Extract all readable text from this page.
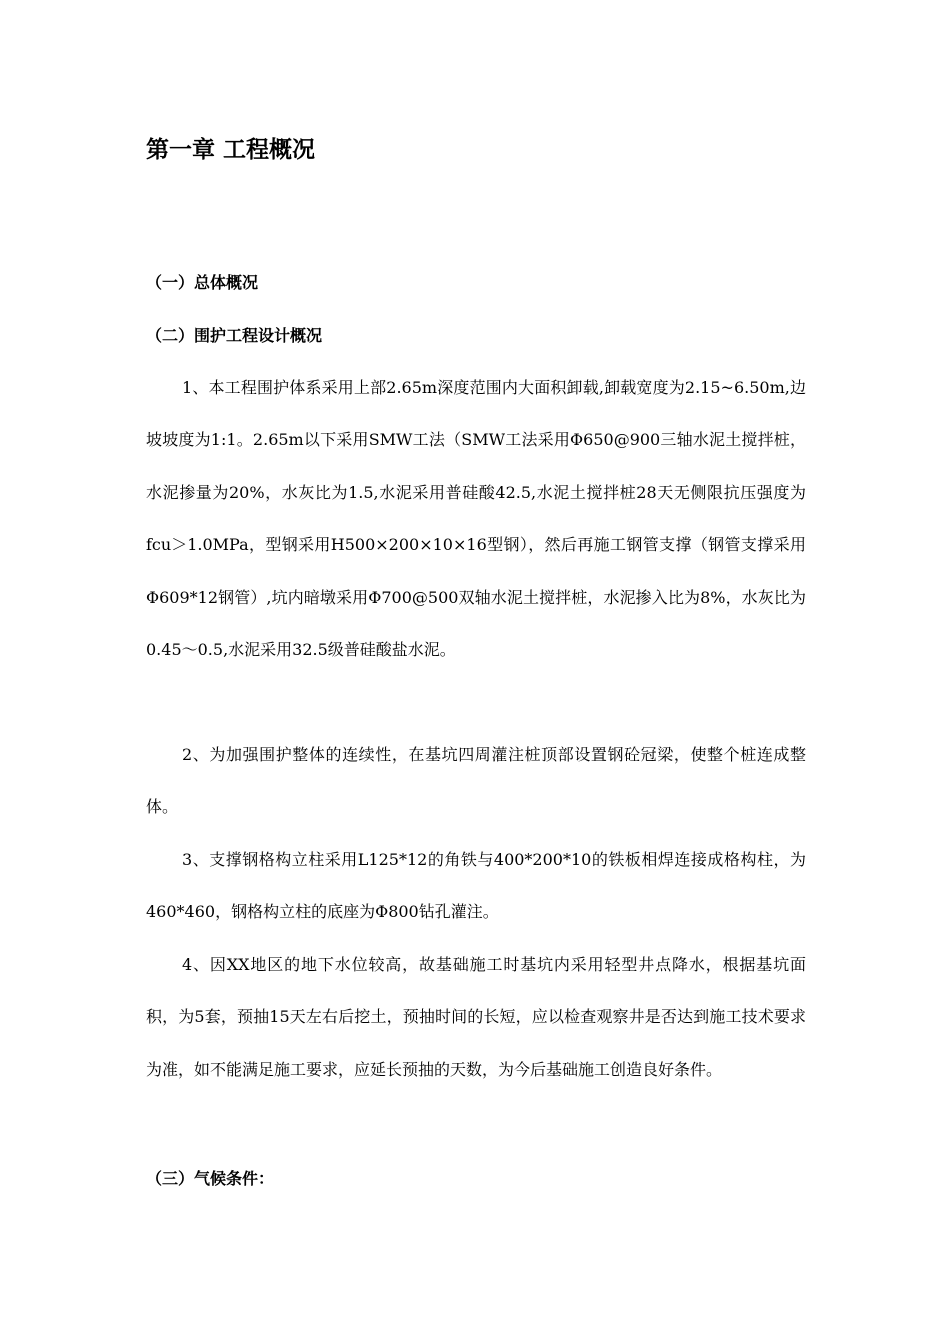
第一章 工程概况
（一）总体概况
（二）围护工程设计概况

1、本工程围护体系采用上部2.65m深度范围内大面积卸载,卸载宽度为2.15~6.50m,边坡坡度为1:1。2.65m以下采用SMW工法（SMW工法采用Φ650@900三轴水泥土搅拌桩，水泥掺量为20%，水灰比为1.5,水泥采用普硅酸42.5,水泥土搅拌桩28天无侧限抗压强度为fcu＞1.0MPa，型钢采用H500×200×10×16型钢），然后再施工钢管支撑（钢管支撑采用Φ609*12钢管）,坑内暗墩采用Φ700@500双轴水泥土搅拌桩，水泥掺入比为8%，水灰比为0.45～0.5,水泥采用32.5级普硅酸盐水泥。

2、为加强围护整体的连续性，在基坑四周灌注桩顶部设置钢砼冠梁，使整个桩连成整体。

3、支撑钢格构立柱采用L125*12的角铁与400*200*10的铁板相焊连接成格构柱，为460*460，钢格构立柱的底座为Φ800钻孔灌注。

4、因XX地区的地下水位较高，故基础施工时基坑内采用轻型井点降水，根据基坑面积，为5套，预抽15天左右后挖土，预抽时间的长短，应以检查观察井是否达到施工技术要求为准，如不能满足施工要求，应延长预抽的天数，为今后基础施工创造良好条件。

（三）气候条件：
